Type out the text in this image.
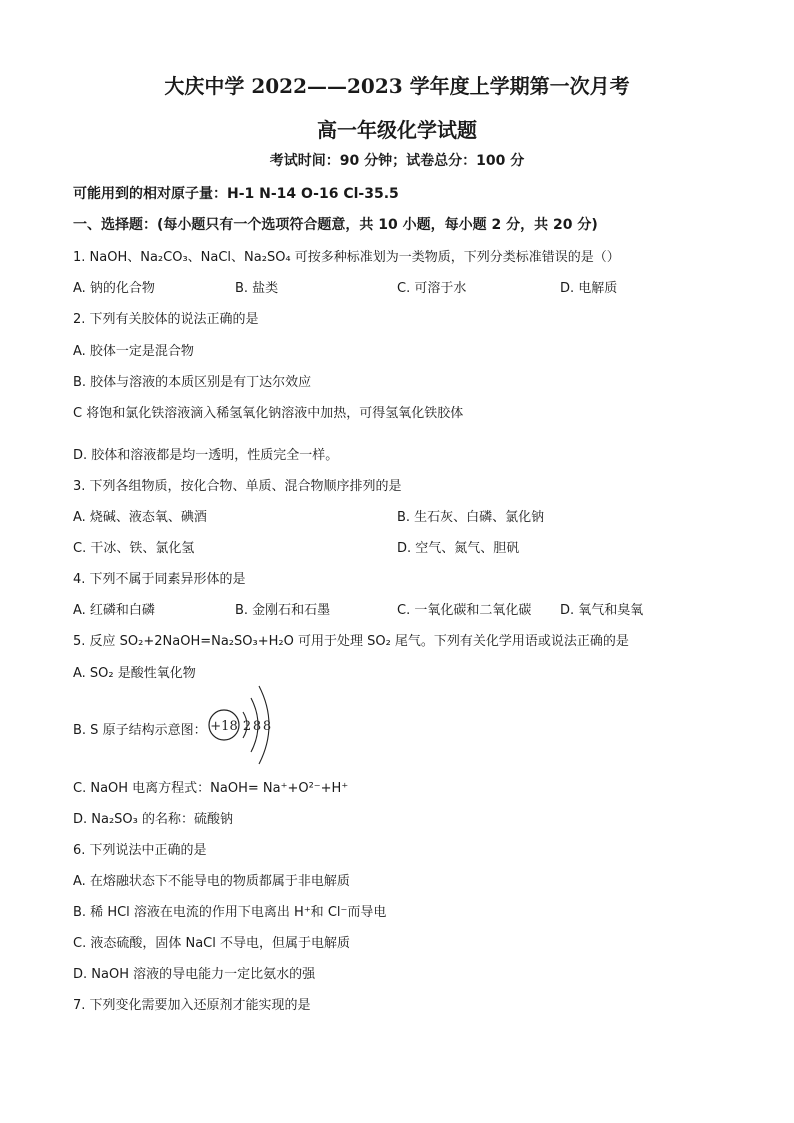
大庆中学 2022——2023 学年度上学期第一次月考
高一年级化学试题
考试时间：90 分钟；试卷总分：100 分
可能用到的相对原子量：H-1 N-14 O-16 Cl-35.5
一、选择题：(每小题只有一个选项符合题意，共 10 小题，每小题 2 分，共 20 分)
1. NaOH、Na₂CO₃、NaCl、Na₂SO₄ 可按多种标准划为一类物质，下列分类标准错误的是（）
A. 钠的化合物	B. 盐类	C. 可溶于水	D. 电解质
2. 下列有关胶体的说法正确的是
A. 胶体一定是混合物
B. 胶体与溶液的本质区别是有丁达尔效应
C 将饱和氯化铁溶液滴入稀氢氧化钠溶液中加热，可得氢氧化铁胶体
D. 胶体和溶液都是均一透明，性质完全一样。
3. 下列各组物质，按化合物、单质、混合物顺序排列的是
A. 烧碱、液态氧、碘酒	B. 生石灰、白磷、氯化钠
C. 干冰、铁、氯化氢	D. 空气、氮气、胆矾
4. 下列不属于同素异形体的是
A. 红磷和白磷	B. 金刚石和石墨	C. 一氧化碳和二氧化碳 D. 氧气和臭氧
5. 反应 SO₂+2NaOH=Na₂SO₃+H₂O 可用于处理 SO₂ 尾气。下列有关化学用语或说法正确的是
A. SO₂ 是酸性氧化物
B. S 原子结构示意图： +18 2 8 8
C. NaOH 电离方程式：NaOH= Na⁺+O²⁻+H⁺
D. Na₂SO₃ 的名称：硫酸钠
6. 下列说法中正确的是
A. 在熔融状态下不能导电的物质都属于非电解质
B. 稀 HCl 溶液在电流的作用下电离出 H⁺和 Cl⁻而导电
C. 液态硫酸，固体 NaCl 不导电，但属于电解质
D. NaOH 溶液的导电能力一定比氨水的强
7. 下列变化需要加入还原剂才能实现的是
